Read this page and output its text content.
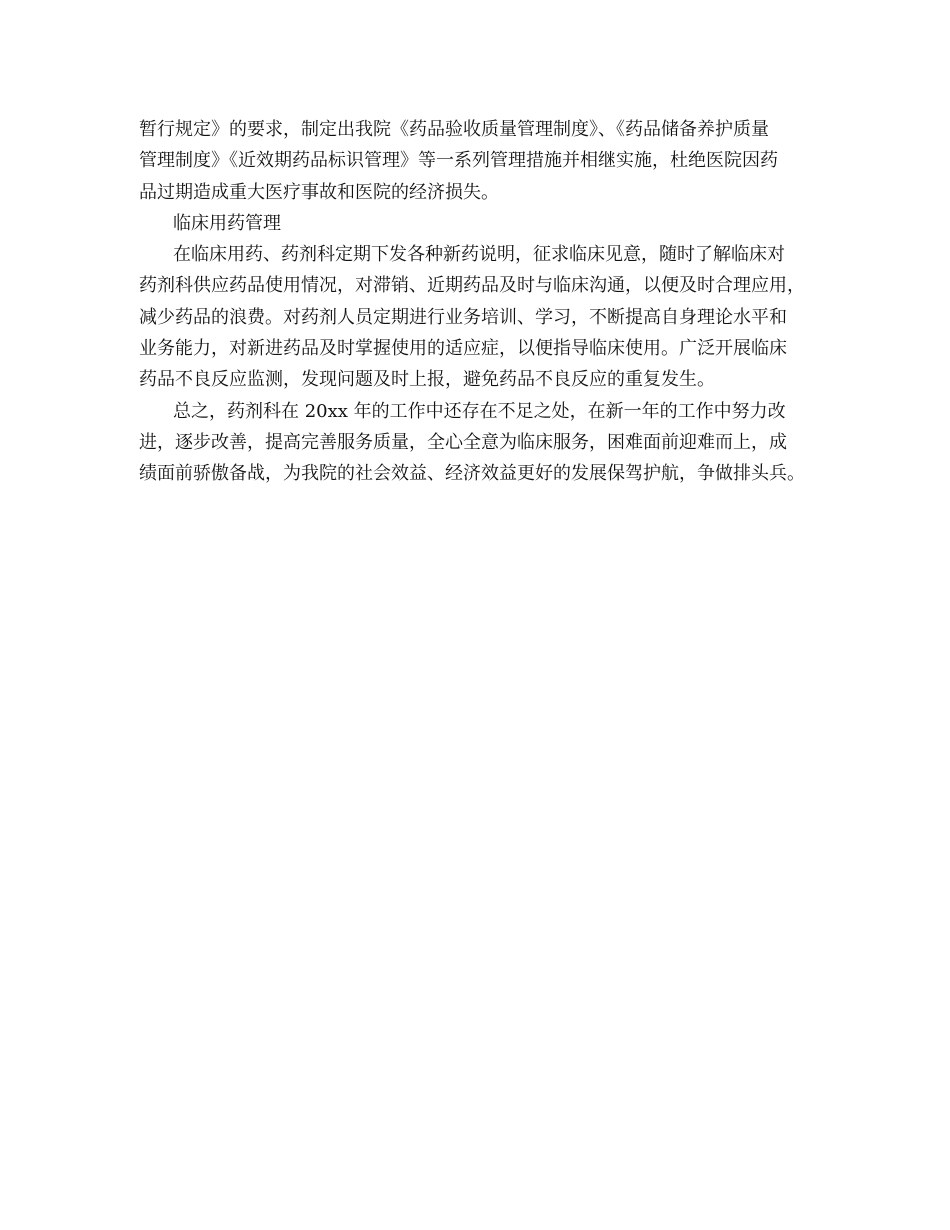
暂行规定》的要求，制定出我院《药品验收质量管理制度》、《药品储备养护质量
管理制度》《近效期药品标识管理》等一系列管理措施并相继实施，杜绝医院因药
品过期造成重大医疗事故和医院的经济损失。
临床用药管理
在临床用药、药剂科定期下发各种新药说明，征求临床见意，随时了解临床对
药剂科供应药品使用情况，对滞销、近期药品及时与临床沟通，以便及时合理应用，
减少药品的浪费。对药剂人员定期进行业务培训、学习，不断提高自身理论水平和
业务能力，对新进药品及时掌握使用的适应症，以便指导临床使用。广泛开展临床
药品不良反应监测，发现问题及时上报，避免药品不良反应的重复发生。
总之，药剂科在 20xx 年的工作中还存在不足之处，在新一年的工作中努力改
进，逐步改善，提高完善服务质量，全心全意为临床服务，困难面前迎难而上，成
绩面前骄傲备战，为我院的社会效益、经济效益更好的发展保驾护航，争做排头兵。
